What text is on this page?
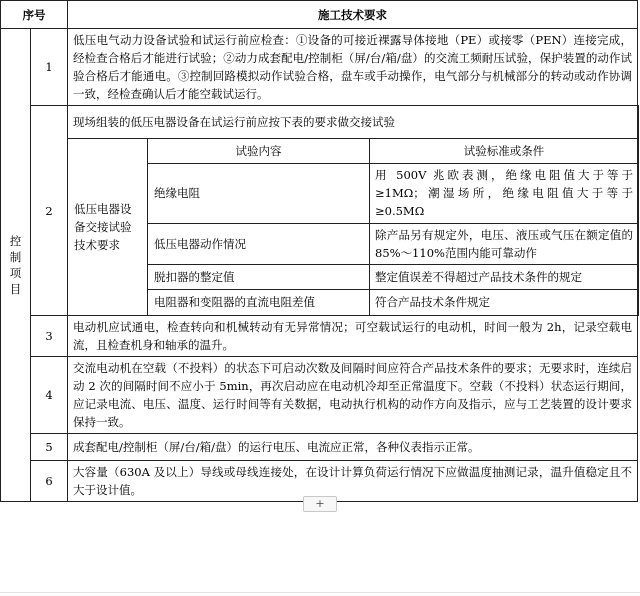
序号	施工技术要求
控制项目	1	低压电气动力设备试验和试运行前应检查：①设备的可接近裸露导体接地（PE）或接零（PEN）连接完成，经检查合格后才能进行试验；②动力成套配电/控制柜（屏/台/箱/盘）的交流工频耐压试验，保护装置的动作试验合格后才能通电。③控制回路模拟动作试验合格，盘车或手动操作，电气部分与机械部分的转动或动作协调一致，经检查确认后才能空载试运行。
2	
现场组装的低压电器设备在试运行前应按下表的要求做交接试验
低压电器设备交接试验技术要求	试验内容	试验标准或条件
绝缘电阻	用 500V 兆欧表测，绝缘电阻值大于等于≥1MΩ；潮湿场所，绝缘电阻值大于等于≥0.5MΩ
低压电器动作情况	除产品另有规定外，电压、液压或气压在额定值的 85%～110%范围内能可靠动作
脱扣器的整定值	整定值误差不得超过产品技术条件的规定
电阻器和变阻器的直流电阻差值	符合产品技术条件规定

3	电动机应试通电，检查转向和机械转动有无异常情况；可空载试运行的电动机，时间一般为 2h，记录空载电流，且检查机身和轴承的温升。
4	交流电动机在空载（不投料）的状态下可启动次数及间隔时间应符合产品技术条件的要求；无要求时，连续启动 2 次的间隔时间不应小于 5min，再次启动应在电动机冷却至正常温度下。空载（不投料）状态运行期间，应记录电流、电压、温度、运行时间等有关数据，电动执行机构的动作方向及指示，应与工艺装置的设计要求保持一致。
5	成套配电/控制柜（屏/台/箱/盘）的运行电压、电流应正常，各种仪表指示正常。
6	大容量（630A 及以上）导线或母线连接处，在设计计算负荷运行情况下应做温度抽测记录，温升值稳定且不大于设计值。
+
